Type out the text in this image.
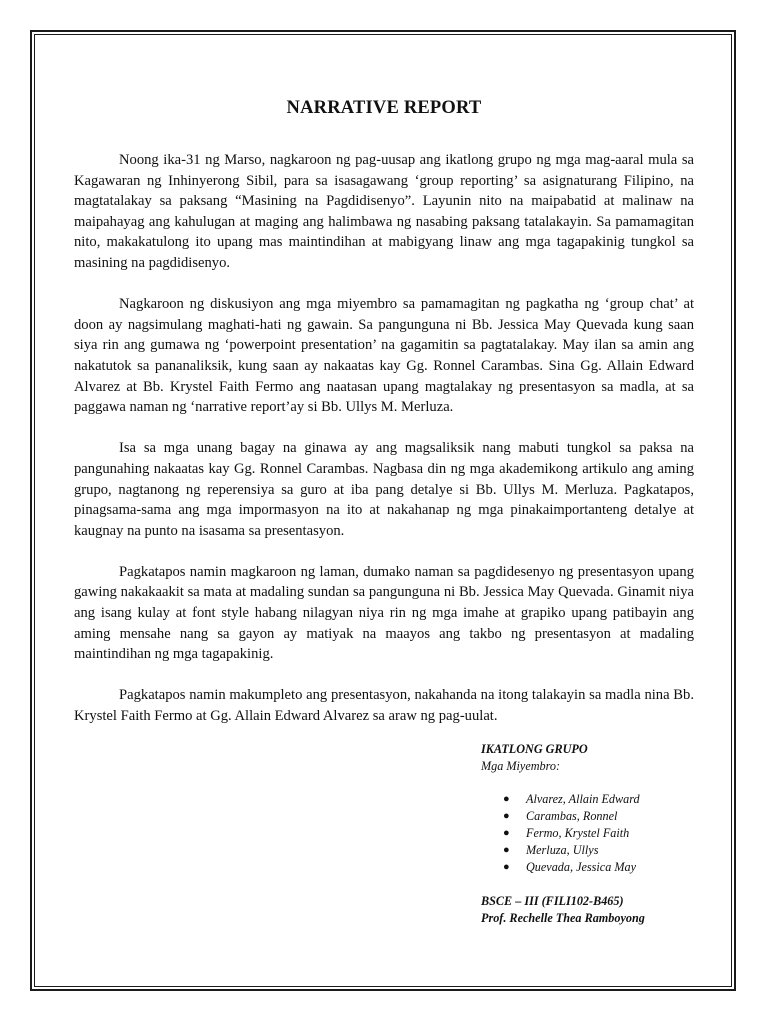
NARRATIVE REPORT

Noong ika-31 ng Marso, nagkaroon ng pag-uusap ang ikatlong grupo ng mga mag-aaral mula sa Kagawaran ng Inhinyerong Sibil, para sa isasagawang ‘group reporting’ sa asignaturang Filipino, na magtatalakay sa paksang “Masining na Pagdidisenyo”. Layunin nito na maipabatid at malinaw na maipahayag ang kahulugan at maging ang halimbawa ng nasabing paksang tatalakayin. Sa pamamagitan nito, makakatulong ito upang mas maintindihan at mabigyang linaw ang mga tagapakinig tungkol sa masining na pagdidisenyo.

Nagkaroon ng diskusiyon ang mga miyembro sa pamamagitan ng pagkatha ng ‘group chat’ at doon ay nagsimulang maghati-hati ng gawain. Sa pangunguna ni Bb. Jessica May Quevada kung saan siya rin ang gumawa ng ‘powerpoint presentation’ na gagamitin sa pagtatalakay. May ilan sa amin ang nakatutok sa pananaliksik, kung saan ay nakaatas kay Gg. Ronnel Carambas. Sina Gg. Allain Edward Alvarez at Bb. Krystel Faith Fermo ang naatasan upang magtalakay ng presentasyon sa madla, at sa paggawa naman ng ‘narrative report’ay si Bb. Ullys M. Merluza.

Isa sa mga unang bagay na ginawa ay ang magsaliksik nang mabuti tungkol sa paksa na pangunahing nakaatas kay Gg. Ronnel Carambas. Nagbasa din ng mga akademikong artikulo ang aming grupo, nagtanong ng reperensiya sa guro at iba pang detalye si Bb. Ullys M. Merluza. Pagkatapos, pinagsama-sama ang mga impormasyon na ito at nakahanap ng mga pinakaimportanteng detalye at kaugnay na punto na isasama sa presentasyon.

Pagkatapos namin magkaroon ng laman, dumako naman sa pagdidesenyo ng presentasyon upang gawing nakakaakit sa mata at madaling sundan sa pangunguna ni Bb. Jessica May Quevada. Ginamit niya ang isang kulay at font style habang nilagyan niya rin ng mga imahe at grapiko upang patibayin ang aming mensahe nang sa gayon ay matiyak na maayos ang takbo ng presentasyon at madaling maintindihan ng mga tagapakinig.

Pagkatapos namin makumpleto ang presentasyon, nakahanda na itong talakayin sa madla nina Bb. Krystel Faith Fermo at Gg. Allain Edward Alvarez sa araw ng pag-uulat.

IKATLONG GRUPO
Mga Miyembro:
● Alvarez, Allain Edward
● Carambas, Ronnel
● Fermo, Krystel Faith
● Merluza, Ullys
● Quevada, Jessica May
BSCE – III (FILI102-B465)
Prof. Rechelle Thea Ramboyong
